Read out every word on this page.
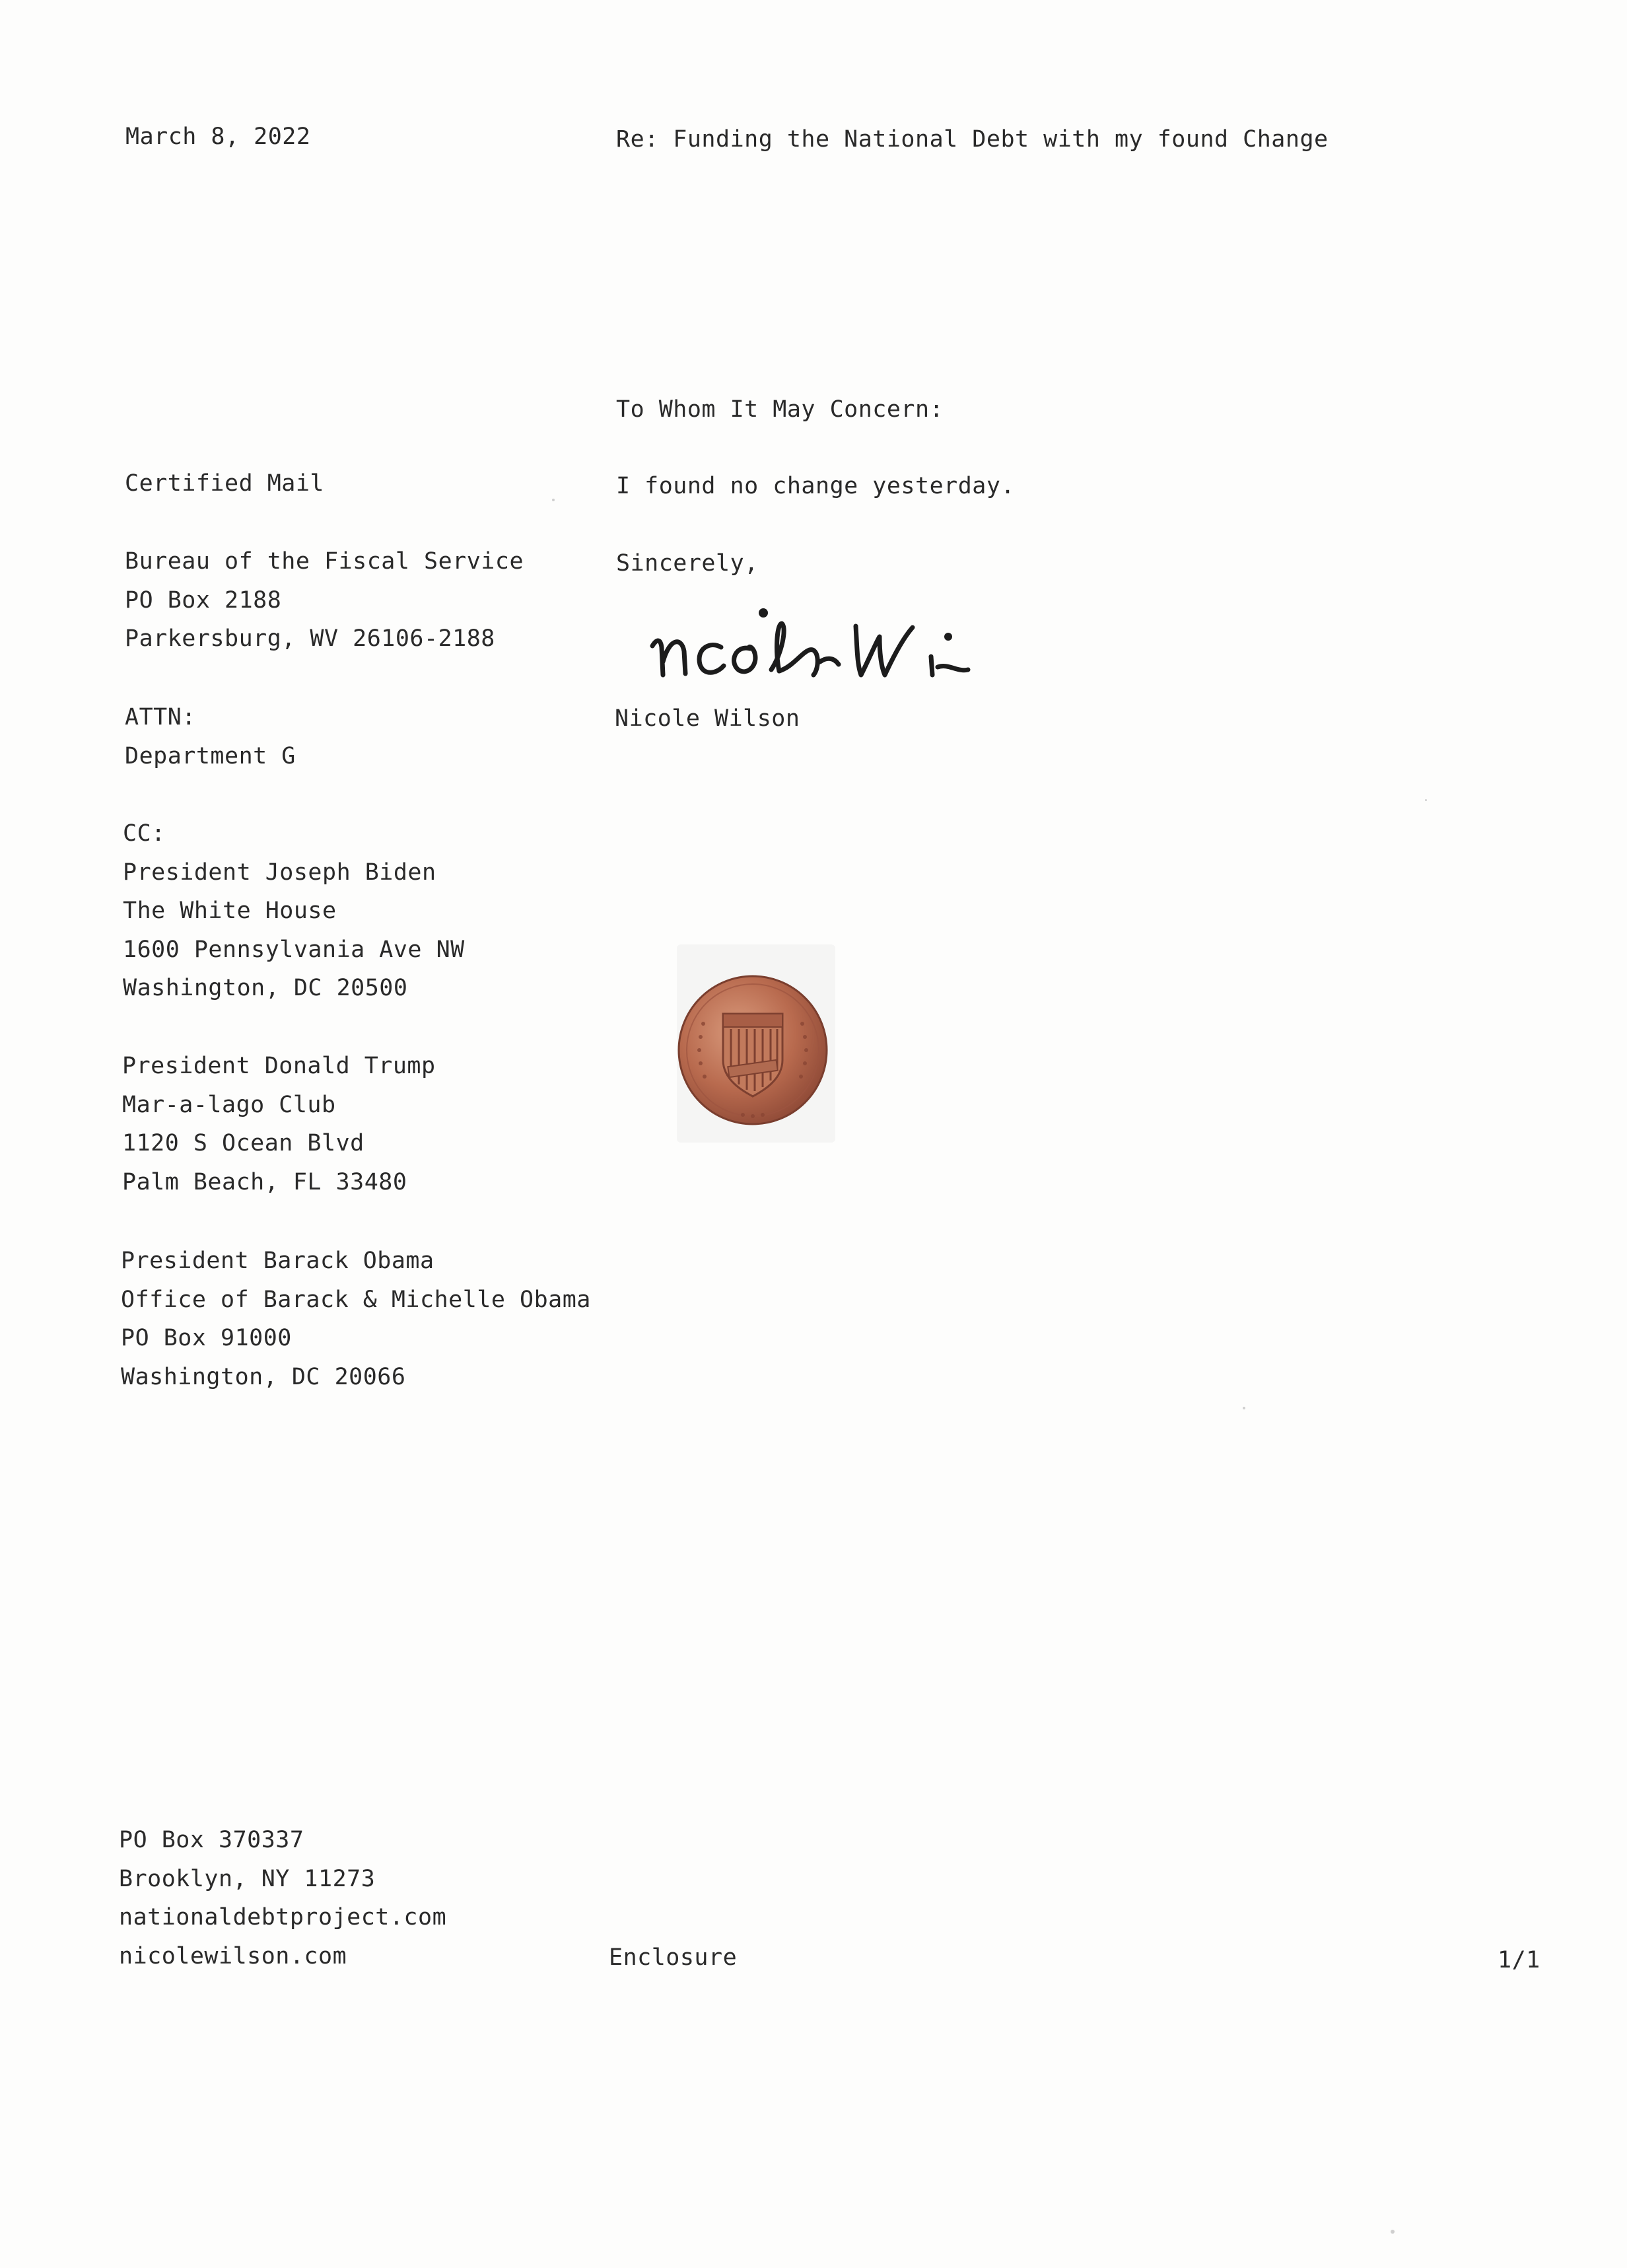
March 8, 2022	Re: Funding the National Debt with my found Change
To Whom It May Concern:
Certified Mail	I found no change yesterday.
Bureau of the Fiscal Service
PO Box 2188
Parkersburg, WV 26106-2188
Sincerely,
ATTN:
Department G
Nicole Wilson
CC:
President Joseph Biden
The White House
1600 Pennsylvania Ave NW
Washington, DC 20500
President Donald Trump
Mar-a-lago Club
1120 S Ocean Blvd
Palm Beach, FL 33480
President Barack Obama
Office of Barack & Michelle Obama
PO Box 91000
Washington, DC 20066
PO Box 370337
Brooklyn, NY 11273
nationaldebtproject.com
nicolewilson.com	Enclosure	1/1
